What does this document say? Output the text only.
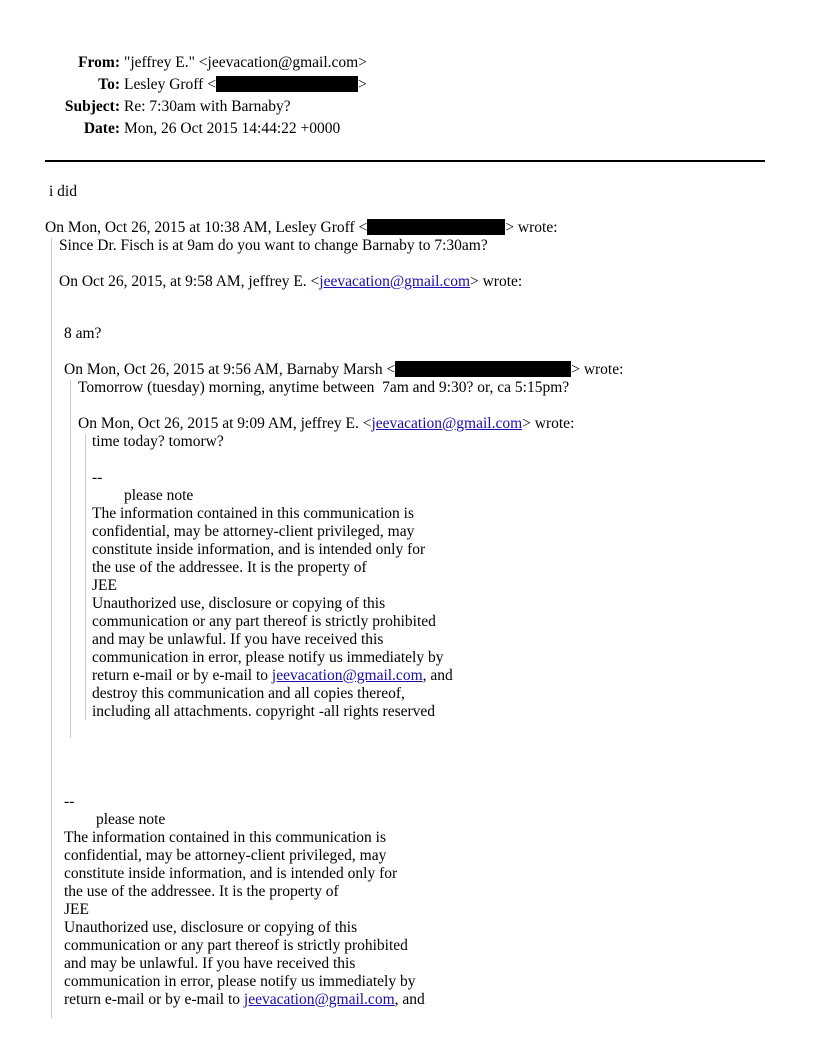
From: "jeffrey E." <jeevacation@gmail.com>
To: Lesley Groff <	>
Subject: Re: 7:30am with Barnaby?
Date: Mon, 26 Oct 2015 14:44:22 +0000
i did
On Mon, Oct 26, 2015 at 10:38 AM, Lesley Groff <	> wrote:
Since Dr. Fisch is at 9am do you want to change Barnaby to 7:30am?
On Oct 26, 2015, at 9:58 AM, jeffrey E. <jeevacation@gmail.com> wrote:
8 am?
On Mon, Oct 26, 2015 at 9:56 AM, Barnaby Marsh <	> wrote:
Tomorrow (tuesday) morning, anytime between  7am and 9:30? or, ca 5:15pm?
On Mon, Oct 26, 2015 at 9:09 AM, jeffrey E. <jeevacation@gmail.com> wrote:
time today? tomorw?
--
please note
The information contained in this communication is
confidential, may be attorney-client privileged, may
constitute inside information, and is intended only for
the use of the addressee. It is the property of
JEE
Unauthorized use, disclosure or copying of this
communication or any part thereof is strictly prohibited
and may be unlawful. If you have received this
communication in error, please notify us immediately by
return e-mail or by e-mail to jeevacation@gmail.com, and
destroy this communication and all copies thereof,
including all attachments. copyright -all rights reserved
--
please note
The information contained in this communication is
confidential, may be attorney-client privileged, may
constitute inside information, and is intended only for
the use of the addressee. It is the property of
JEE
Unauthorized use, disclosure or copying of this
communication or any part thereof is strictly prohibited
and may be unlawful. If you have received this
communication in error, please notify us immediately by
return e-mail or by e-mail to jeevacation@gmail.com, and
